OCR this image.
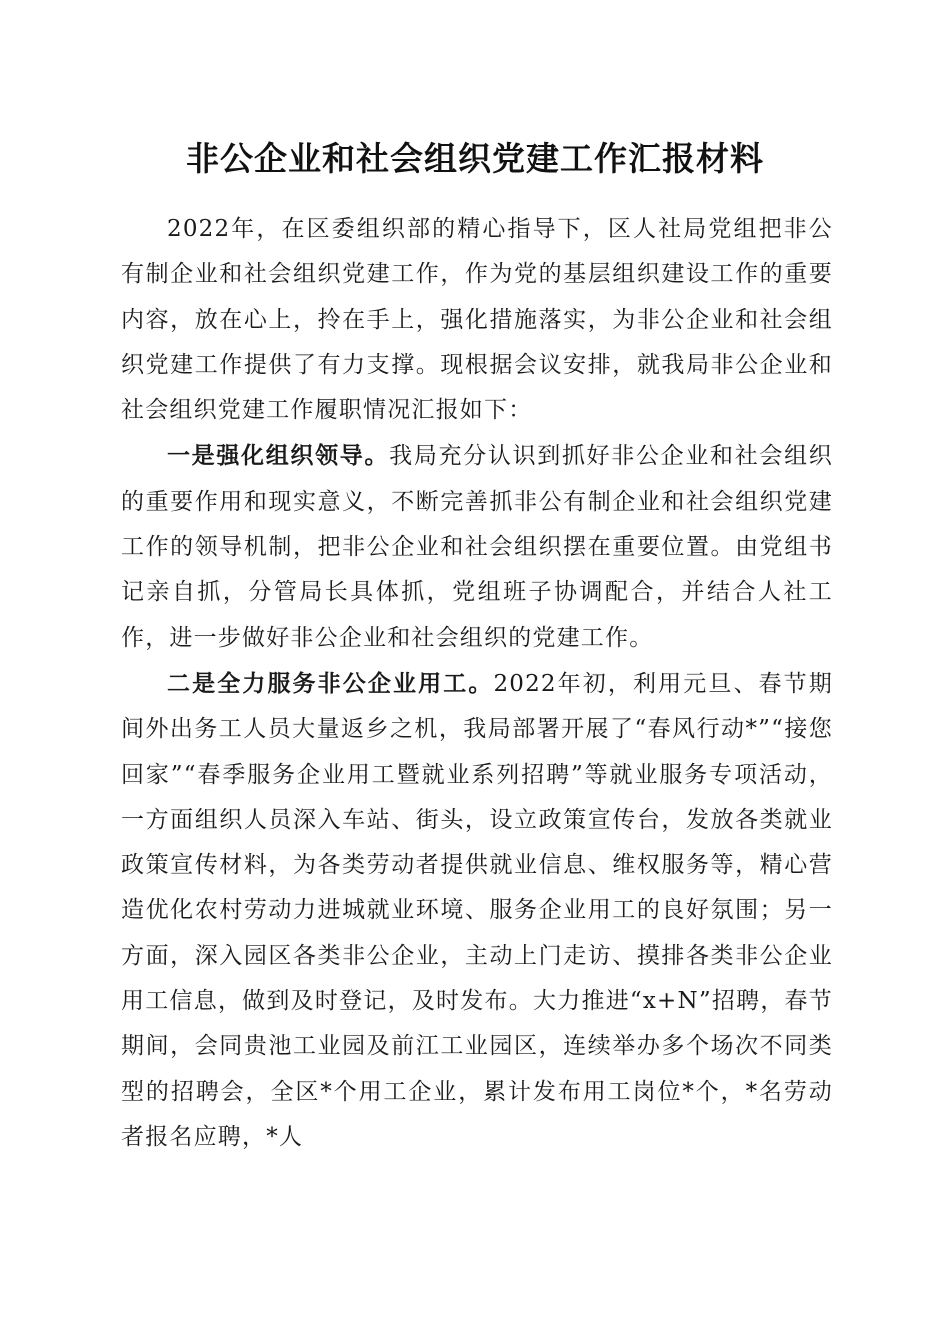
非公企业和社会组织党建工作汇报材料

2022年，在区委组织部的精心指导下，区人社局党组把非公有制企业和社会组织党建工作，作为党的基层组织建设工作的重要内容，放在心上，拎在手上，强化措施落实，为非公企业和社会组织党建工作提供了有力支撑。现根据会议安排，就我局非公企业和社会组织党建工作履职情况汇报如下：

一是强化组织领导。我局充分认识到抓好非公企业和社会组织的重要作用和现实意义，不断完善抓非公有制企业和社会组织党建工作的领导机制，把非公企业和社会组织摆在重要位置。由党组书记亲自抓，分管局长具体抓，党组班子协调配合，并结合人社工作，进一步做好非公企业和社会组织的党建工作。

二是全力服务非公企业用工。2022年初，利用元旦、春节期间外出务工人员大量返乡之机，我局部署开展了“春风行动*”“接您回家”“春季服务企业用工暨就业系列招聘”等就业服务专项活动，一方面组织人员深入车站、街头，设立政策宣传台，发放各类就业政策宣传材料，为各类劳动者提供就业信息、维权服务等，精心营造优化农村劳动力进城就业环境、服务企业用工的良好氛围；另一方面，深入园区各类非公企业，主动上门走访、摸排各类非公企业用工信息，做到及时登记，及时发布。大力推进“x+N”招聘，春节期间，会同贵池工业园及前江工业园区，连续举办多个场次不同类型的招聘会，全区*个用工企业，累计发布用工岗位*个，*名劳动者报名应聘，*人
